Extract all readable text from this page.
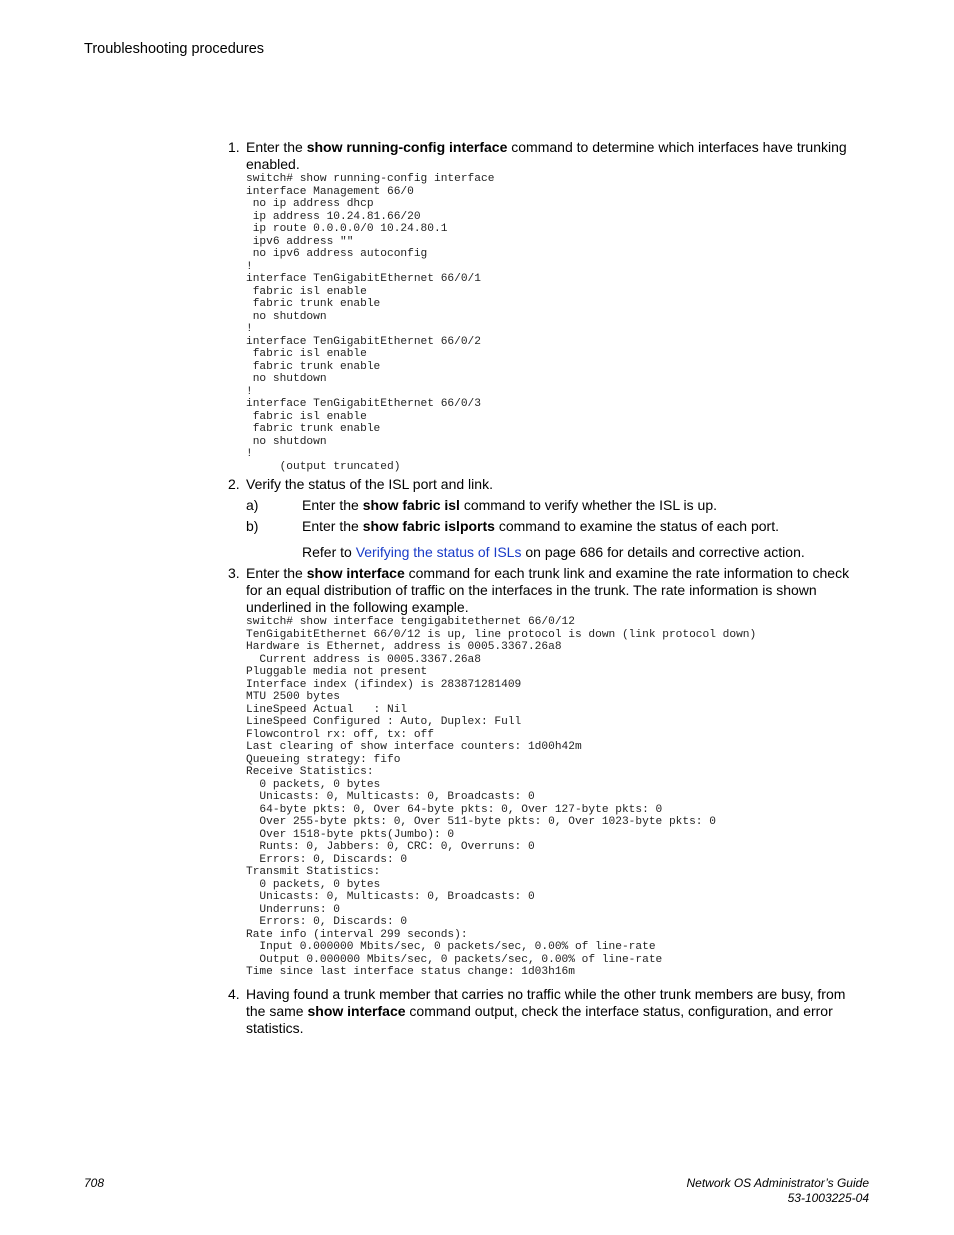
Troubleshooting procedures
1. Enter the show running-config interface command to determine which interfaces have trunking enabled.
switch# show running-config interface
interface Management 66/0
no ip address dhcp
ip address 10.24.81.66/20
ip route 0.0.0.0/0 10.24.80.1
ipv6 address ""
no ipv6 address autoconfig
!
interface TenGigabitEthernet 66/0/1
fabric isl enable
fabric trunk enable
no shutdown
!
interface TenGigabitEthernet 66/0/2
fabric isl enable
fabric trunk enable
no shutdown
!
interface TenGigabitEthernet 66/0/3
fabric isl enable
fabric trunk enable
no shutdown
!
(output truncated)
2. Verify the status of the ISL port and link.
a)	Enter the show fabric isl command to verify whether the ISL is up.
b)	Enter the show fabric islports command to examine the status of each port.
Refer to Verifying the status of ISLs on page 686 for details and corrective action.
3. Enter the show interface command for each trunk link and examine the rate information to check for an equal distribution of traffic on the interfaces in the trunk. The rate information is shown underlined in the following example.
switch# show interface tengigabitethernet 66/0/12
TenGigabitEthernet 66/0/12 is up, line protocol is down (link protocol down)
Hardware is Ethernet, address is 0005.3367.26a8
Current address is 0005.3367.26a8
Pluggable media not present
Interface index (ifindex) is 283871281409
MTU 2500 bytes
LineSpeed Actual   : Nil
LineSpeed Configured : Auto, Duplex: Full
Flowcontrol rx: off, tx: off
Last clearing of show interface counters: 1d00h42m
Queueing strategy: fifo
Receive Statistics:
0 packets, 0 bytes
Unicasts: 0, Multicasts: 0, Broadcasts: 0
64-byte pkts: 0, Over 64-byte pkts: 0, Over 127-byte pkts: 0
Over 255-byte pkts: 0, Over 511-byte pkts: 0, Over 1023-byte pkts: 0
Over 1518-byte pkts(Jumbo): 0
Runts: 0, Jabbers: 0, CRC: 0, Overruns: 0
Errors: 0, Discards: 0
Transmit Statistics:
0 packets, 0 bytes
Unicasts: 0, Multicasts: 0, Broadcasts: 0
Underruns: 0
Errors: 0, Discards: 0
Rate info (interval 299 seconds):
Input 0.000000 Mbits/sec, 0 packets/sec, 0.00% of line-rate
Output 0.000000 Mbits/sec, 0 packets/sec, 0.00% of line-rate
Time since last interface status change: 1d03h16m
4. Having found a trunk member that carries no traffic while the other trunk members are busy, from the same show interface command output, check the interface status, configuration, and error statistics.
708	Network OS Administrator’s Guide
53-1003225-04
